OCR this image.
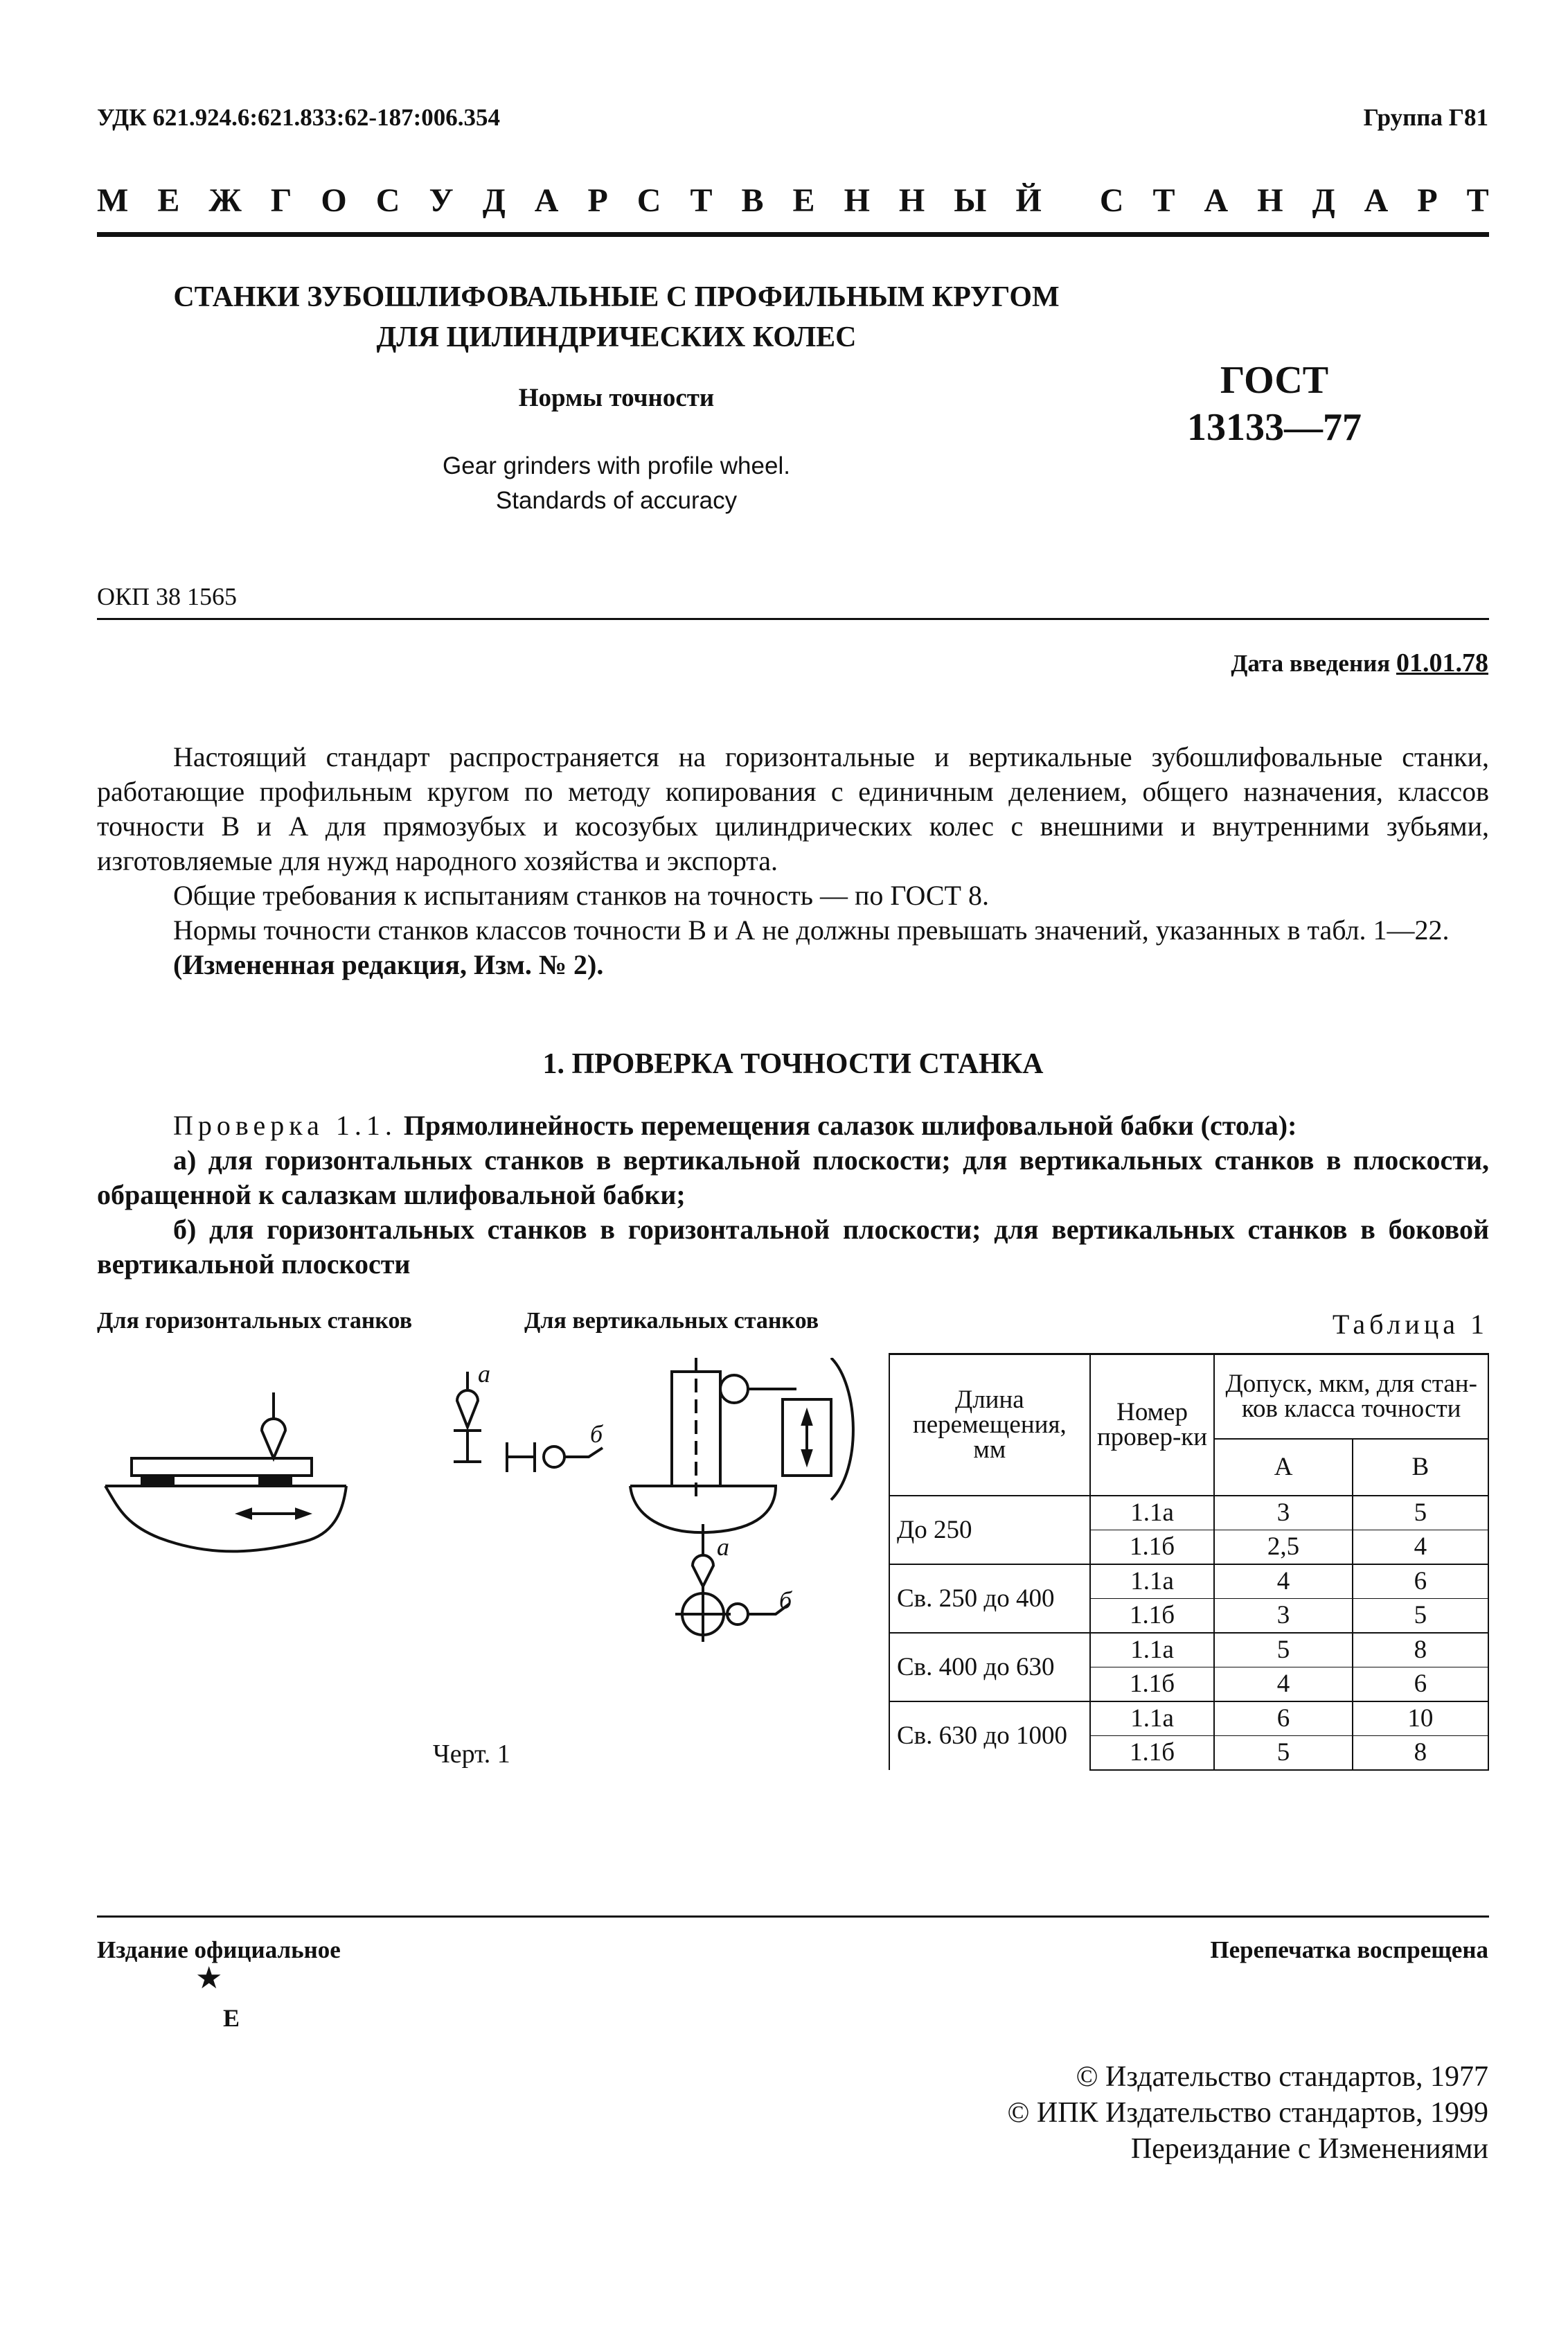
УДК 621.924.6:621.833:62-187:006.354	Группа Г81
М Е Ж Г О С У Д А Р С Т В Е Н Н Ы Й С Т А Н Д А Р Т
СТАНКИ ЗУБОШЛИФОВАЛЬНЫЕ С ПРОФИЛЬНЫМ КРУГОМ
ДЛЯ ЦИЛИНДРИЧЕСКИХ КОЛЕС
ГОСТ
13133—77
Нормы точности
Gear grinders with profile wheel.
Standards of accuracy
ОКП 38 1565
Дата введения 01.01.78

Настоящий стандарт распространяется на горизонтальные и вертикальные зубошлифовальные станки, работающие профильным кругом по методу копирования с единичным делением, общего назначения, классов точности В и А для прямозубых и косозубых цилиндрических колес с внешними и внутренними зубьями, изготовляемые для нужд народного хозяйства и экспорта.

Общие требования к испытаниям станков на точность — по ГОСТ 8.

Нормы точности станков классов точности В и А не должны превышать значений, указанных в табл. 1—22.

(Измененная редакция, Изм. № 2).

1. ПРОВЕРКА ТОЧНОСТИ СТАНКА

Проверка 1.1. Прямолинейность перемещения салазок шлифовальной бабки (стола):

а) для горизонтальных станков в вертикальной плоскости; для вертикальных станков в плоскости, обращенной к салазкам шлифовальной бабки;

б) для горизонтальных станков в горизонтальной плоскости; для вертикальных станков в боковой вертикальной плоскости

Для горизонтальных станков	Для вертикальных станков	Таблица 1
а
б
а
б
Черт. 1
Длина перемещения, мм	Номер провер-ки	Допуск, мкм, для стан-ков класса точности	
		А	В
До 250	1.1а	3	5
	1.1б	2,5	4
Св. 250 до 400	1.1а	4	6
	1.1б	3	5
Св. 400 до 630	1.1а	5	8
	1.1б	4	6
Св. 630 до 1000	1.1а	6	10
	1.1б	5	8
Издание официальное	Перепечатка воспрещена
★
Е
© Издательство стандартов, 1977
© ИПК Издательство стандартов, 1999
Переиздание с Изменениями
